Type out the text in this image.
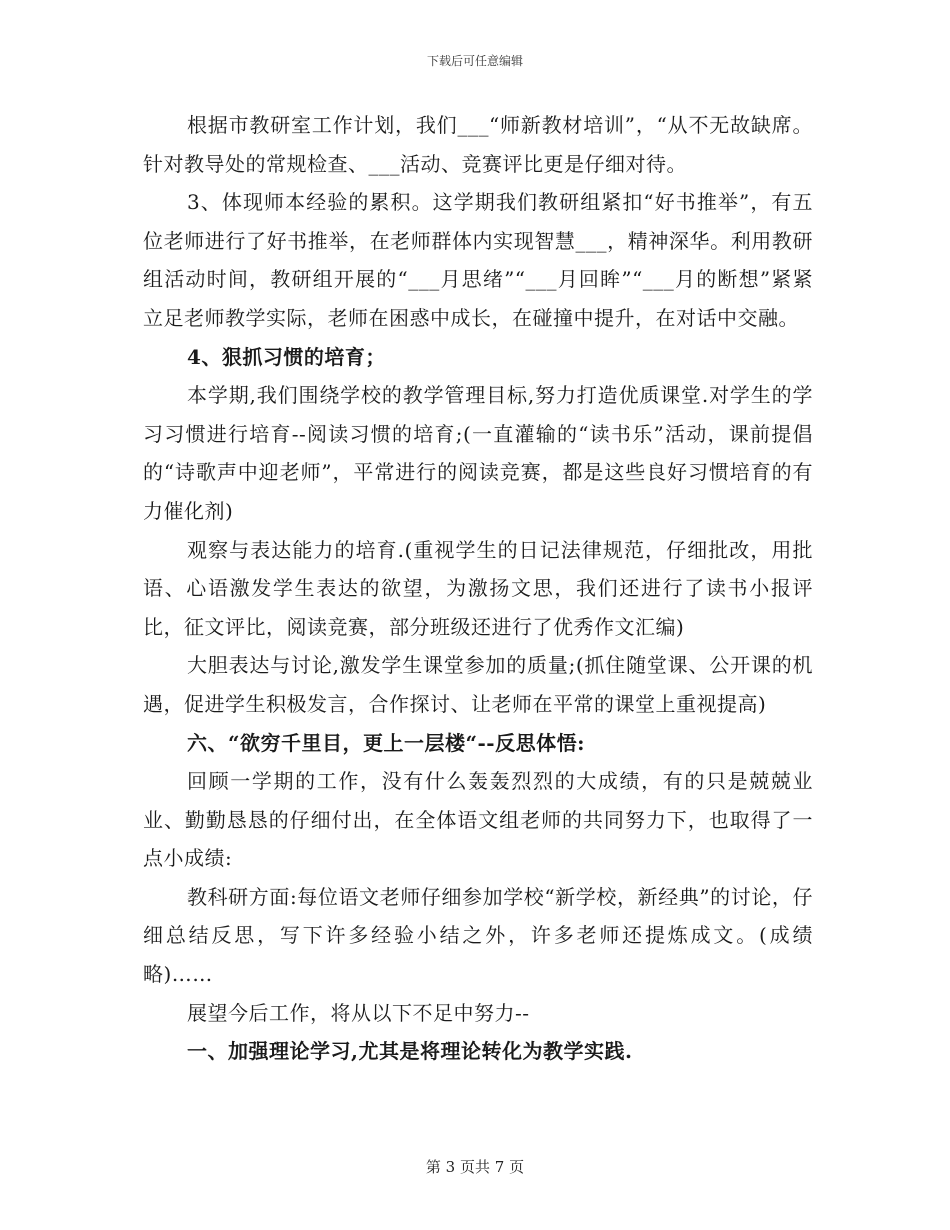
下载后可任意编辑

根据市教研室工作计划，我们___“师新教材培训”，“从不无故缺席。针对教导处的常规检查、___活动、竞赛评比更是仔细对待。

3、体现师本经验的累积。这学期我们教研组紧扣“好书推举”，有五位老师进行了好书推举，在老师群体内实现智慧___，精神深华。利用教研组活动时间，教研组开展的“___月思绪”“___月回眸”“___月的断想”紧紧立足老师教学实际，老师在困惑中成长，在碰撞中提升，在对话中交融。

4、狠抓习惯的培育；

本学期,我们围绕学校的教学管理目标,努力打造优质课堂.对学生的学习习惯进行培育--阅读习惯的培育;(一直灌输的“读书乐”活动，课前提倡的“诗歌声中迎老师”，平常进行的阅读竞赛，都是这些良好习惯培育的有力催化剂)

观察与表达能力的培育.(重视学生的日记法律规范，仔细批改，用批语、心语激发学生表达的欲望，为激扬文思，我们还进行了读书小报评比，征文评比，阅读竞赛，部分班级还进行了优秀作文汇编)

大胆表达与讨论,激发学生课堂参加的质量;(抓住随堂课、公开课的机遇，促进学生积极发言，合作探讨、让老师在平常的课堂上重视提高)

六、“欲穷千里目，更上一层楼“--反思体悟:

回顾一学期的工作，没有什么轰轰烈烈的大成绩，有的只是兢兢业业、勤勤恳恳的仔细付出，在全体语文组老师的共同努力下，也取得了一点小成绩:

教科研方面:每位语文老师仔细参加学校“新学校，新经典”的讨论，仔细总结反思，写下许多经验小结之外，许多老师还提炼成文。(成绩略)……

展望今后工作，将从以下不足中努力--

一、加强理论学习,尤其是将理论转化为教学实践.

第 3 页共 7 页
